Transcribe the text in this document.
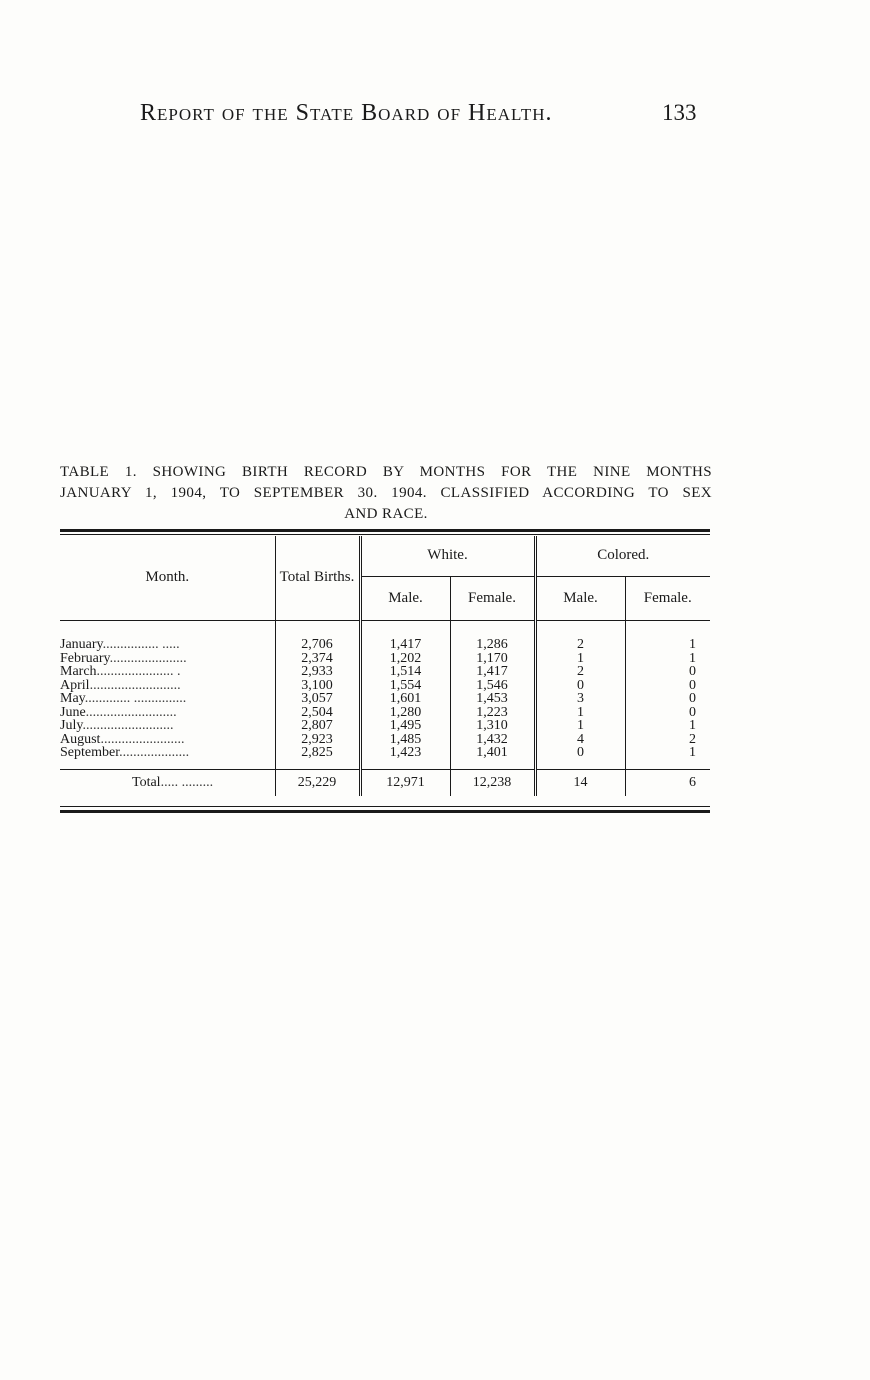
Report of the State Board of Health.	133
TABLE 1. SHOWING BIRTH RECORD BY MONTHS FOR THE NINE MONTHS
JANUARY 1, 1904, TO SEPTEMBER 30. 1904. CLASSIFIED ACCORDING TO SEX
AND RACE.
Month.	Total Births.	White.		Colored.	
		Male.	Female.	Male.	Female.

January................ .....	2,706	1,417	1,286	2	1
February......................	2,374	1,202	1,170	1	1
March...................... .	2,933	1,514	1,417	2	0
April..........................	3,100	1,554	1,546	0	0
May............. ...............	3,057	1,601	1,453	3	0
June..........................	2,504	1,280	1,223	1	0
July..........................	2,807	1,495	1,310	1	1
August........................	2,923	1,485	1,432	4	2
September....................	2,825	1,423	1,401	0	1

Total..... .........	25,229	12,971	12,238	14	6
